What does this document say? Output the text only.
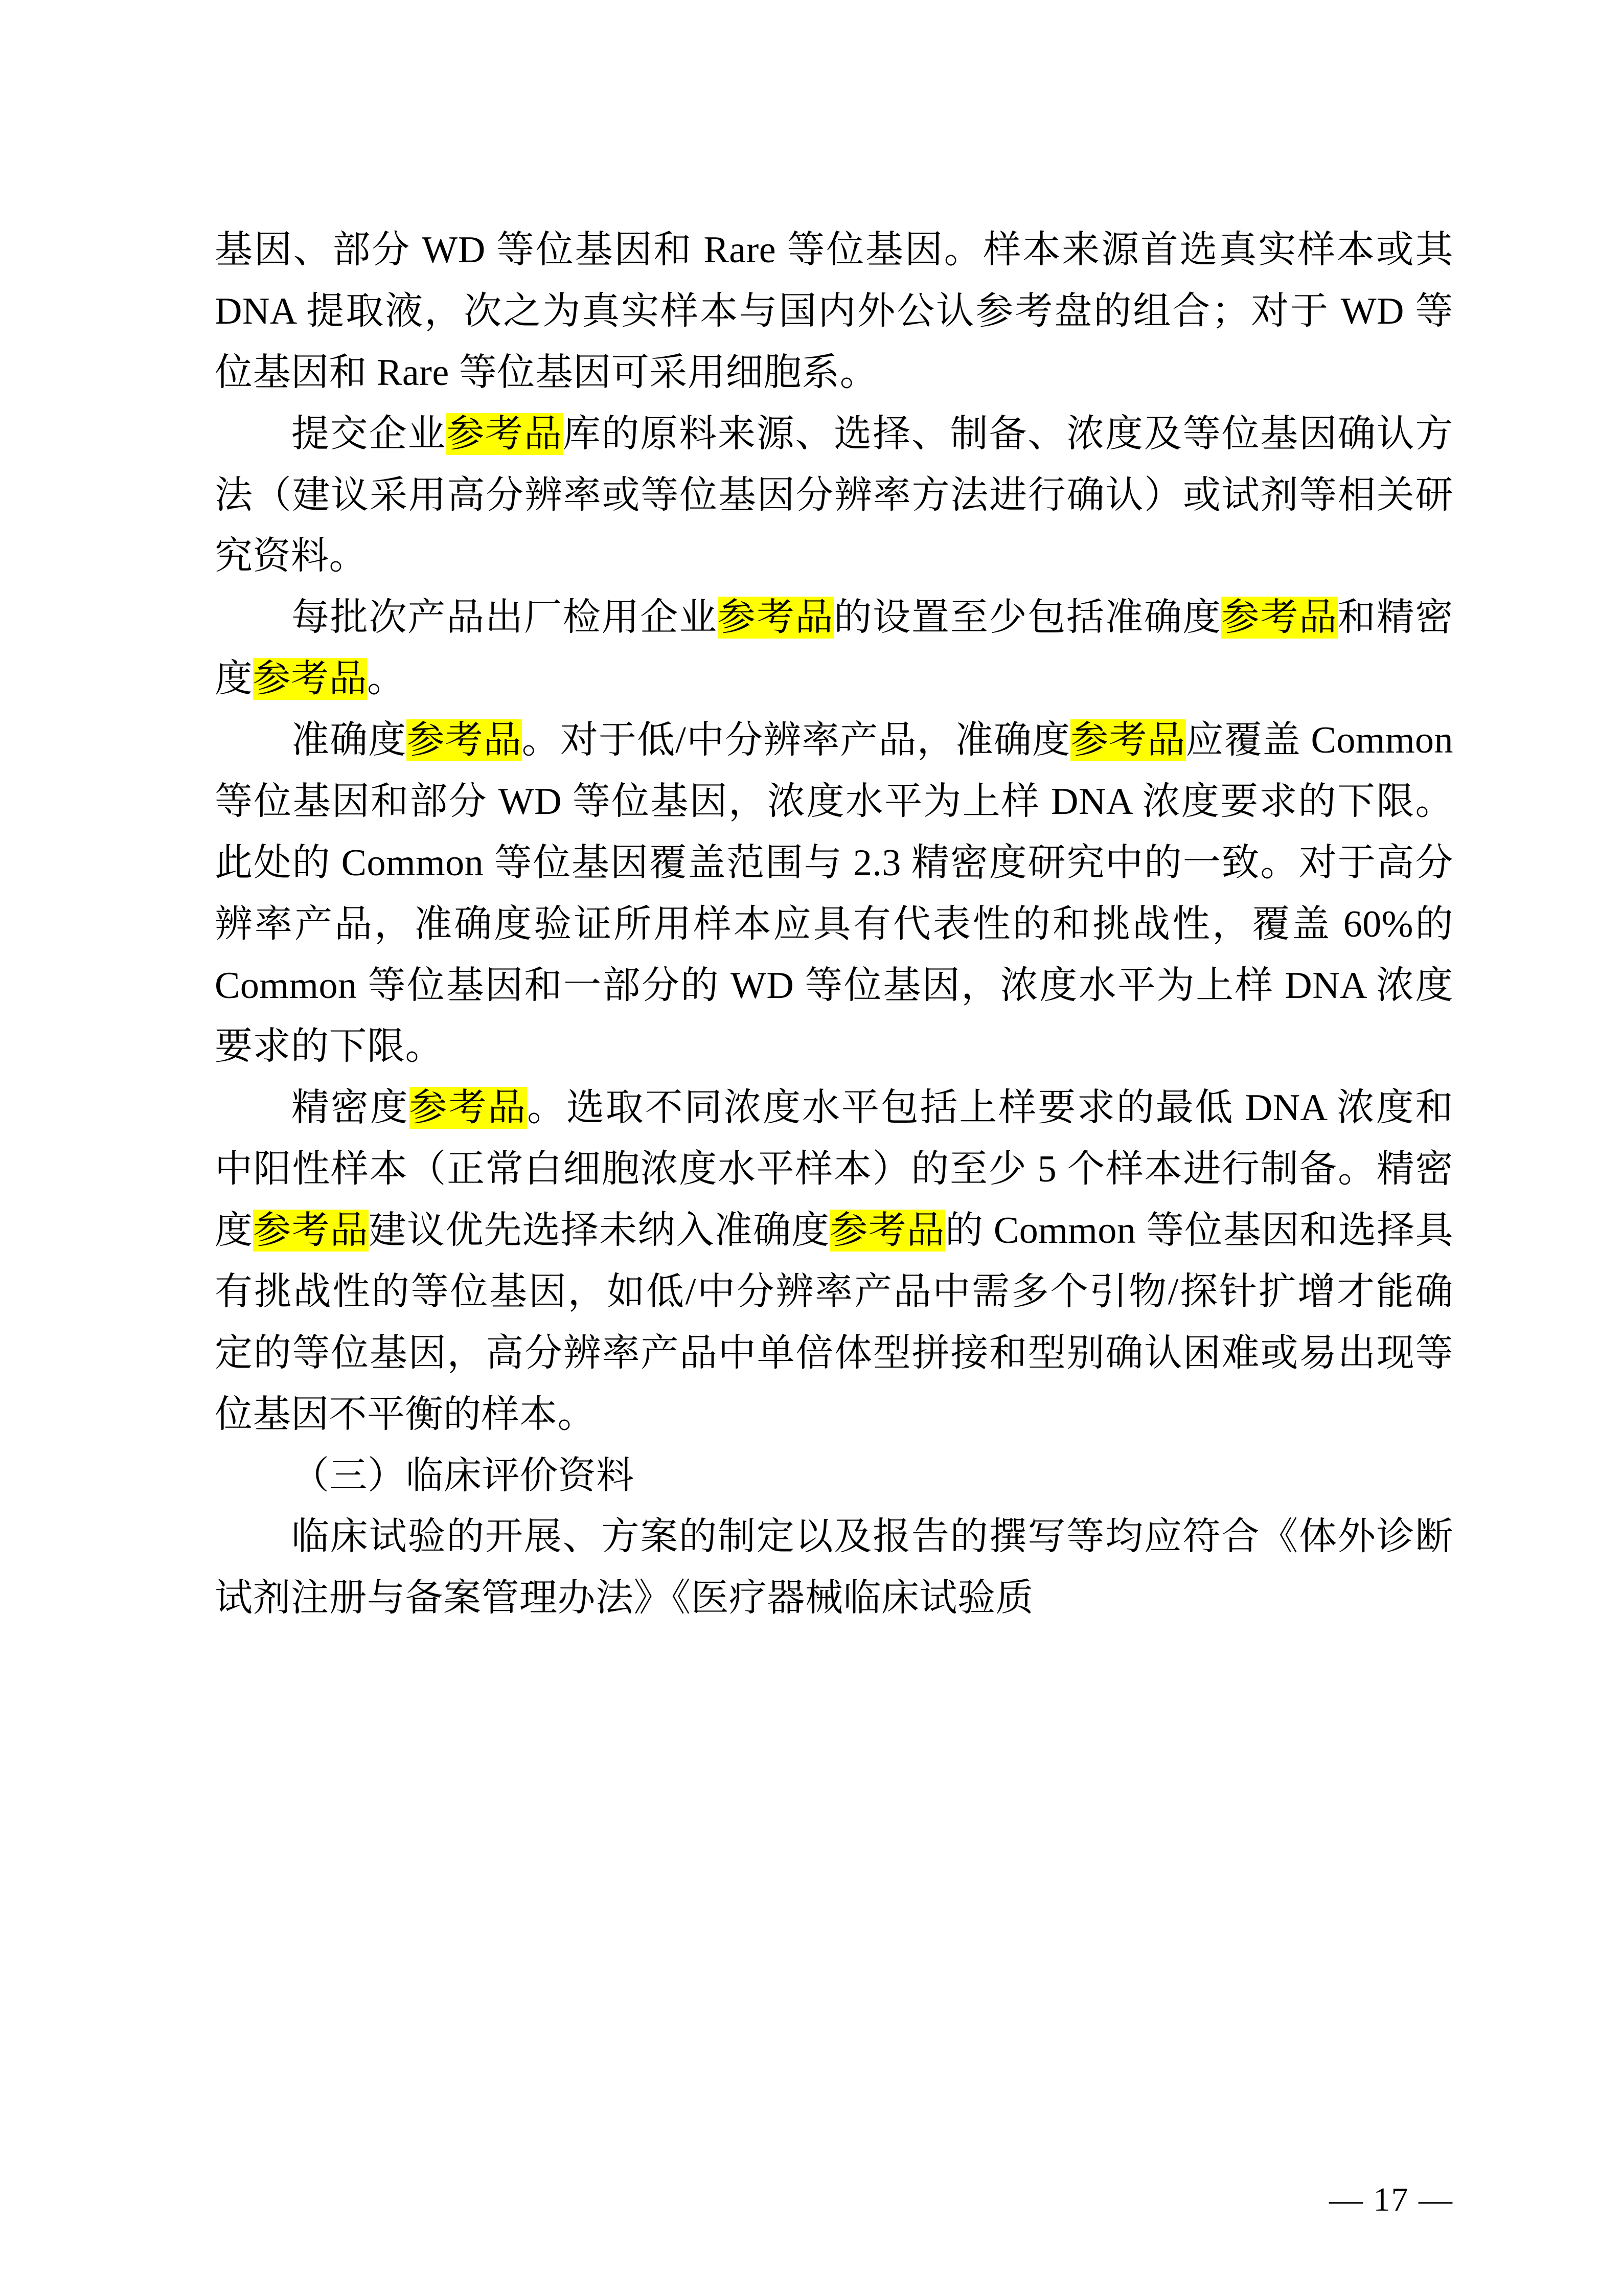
基因、部分 WD 等位基因和 Rare 等位基因。样本来源首选真实样本或其 DNA 提取液，次之为真实样本与国内外公认参考盘的组合；对于 WD 等位基因和 Rare 等位基因可采用细胞系。

提交企业参考品库的原料来源、选择、制备、浓度及等位基因确认方法（建议采用高分辨率或等位基因分辨率方法进行确认）或试剂等相关研究资料。

每批次产品出厂检用企业参考品的设置至少包括准确度参考品和精密度参考品。

准确度参考品。对于低/中分辨率产品，准确度参考品应覆盖 Common 等位基因和部分 WD 等位基因，浓度水平为上样 DNA 浓度要求的下限。此处的 Common 等位基因覆盖范围与 2.3 精密度研究中的一致。对于高分辨率产品，准确度验证所用样本应具有代表性的和挑战性，覆盖 60%的 Common 等位基因和一部分的 WD 等位基因，浓度水平为上样 DNA 浓度要求的下限。

精密度参考品。选取不同浓度水平包括上样要求的最低 DNA 浓度和中阳性样本（正常白细胞浓度水平样本）的至少 5 个样本进行制备。精密度参考品建议优先选择未纳入准确度参考品的 Common 等位基因和选择具有挑战性的等位基因，如低/中分辨率产品中需多个引物/探针扩增才能确定的等位基因，高分辨率产品中单倍体型拼接和型别确认困难或易出现等位基因不平衡的样本。

（三）临床评价资料

临床试验的开展、方案的制定以及报告的撰写等均应符合《体外诊断试剂注册与备案管理办法》《医疗器械临床试验质

— 17 —
